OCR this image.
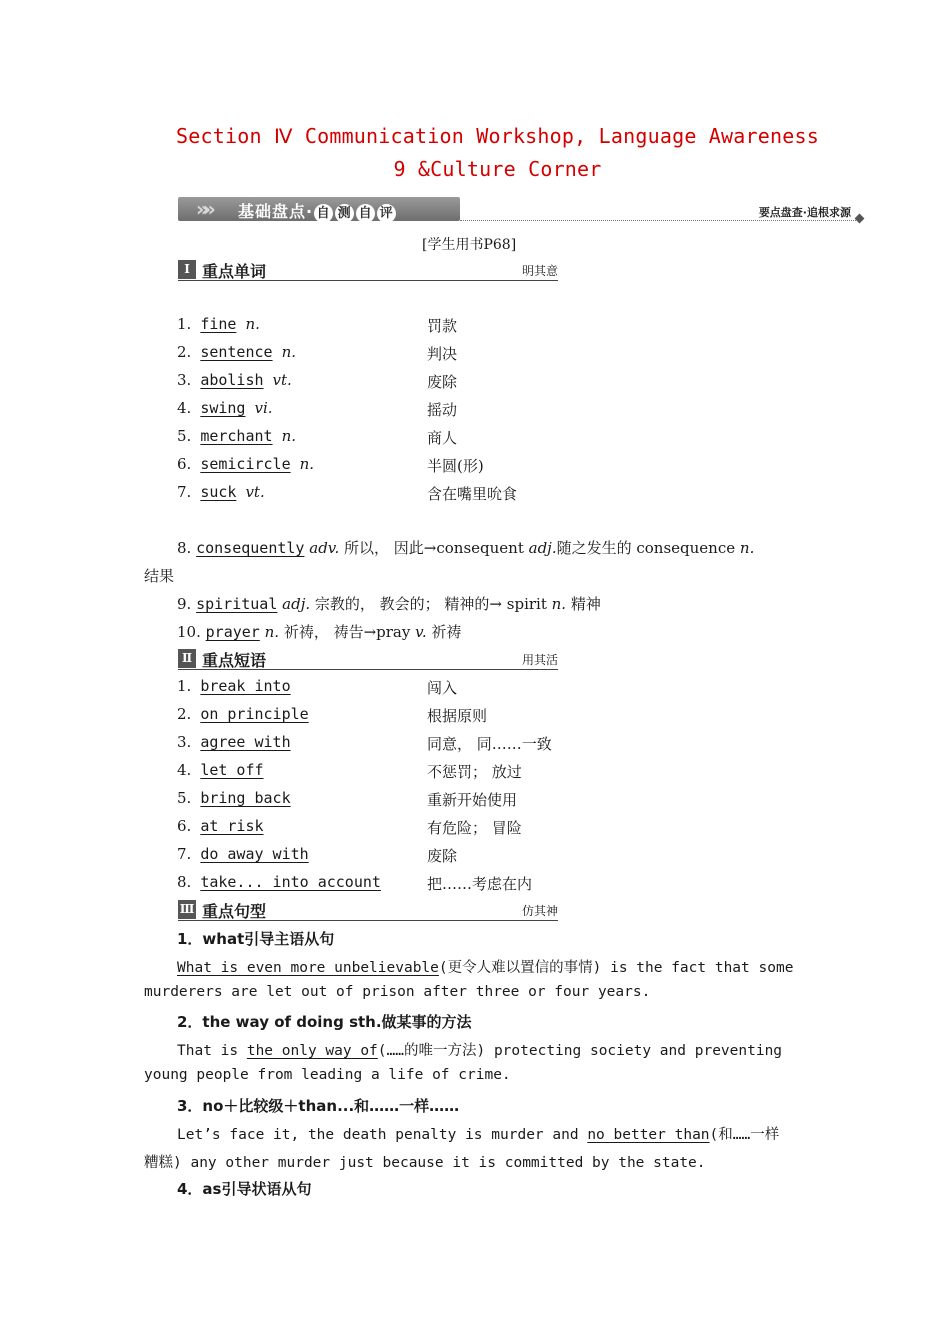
Section Ⅳ Communication Workshop, Language Awareness
9 &Culture Corner
»» 基础盘点· 自 测 自 评	要点盘查·追根求源
[学生用书P68]
Ⅰ 重点单词	明其意
1. fine n.	罚款
2. sentence n.	判决
3. abolish vt.	废除
4. swing vi.	摇动
5. merchant n.	商人
6. semicircle n.	半圆(形)
7. suck vt.	含在嘴里吮食
8. consequently adv. 所以， 因此→consequent adj.随之发生的 consequence n.
结果
9. spiritual adj. 宗教的， 教会的； 精神的→ spirit n. 精神
10. prayer n. 祈祷， 祷告→pray v. 祈祷
Ⅱ 重点短语	用其活
1. break into	闯入
2. on principle	根据原则
3. agree with	同意， 同……一致
4. let off	不惩罚； 放过
5. bring back	重新开始使用
6. at risk	有危险； 冒险
7. do away with	废除
8. take... into account	把……考虑在内
Ⅲ 重点句型	仿其神
1．what引导主语从句
What is even more unbelievable(更令人难以置信的事情) is the fact that some
murderers are let out of prison after three or four years.
2．the way of doing sth.做某事的方法
That is the only way of(……的唯一方法) protecting society and preventing
young people from leading a life of crime.
3．no＋比较级＋than...和……一样……
Let’s face it, the death penalty is murder and no better than(和……一样
糟糕) any other murder just because it is committed by the state.
4．as引导状语从句
